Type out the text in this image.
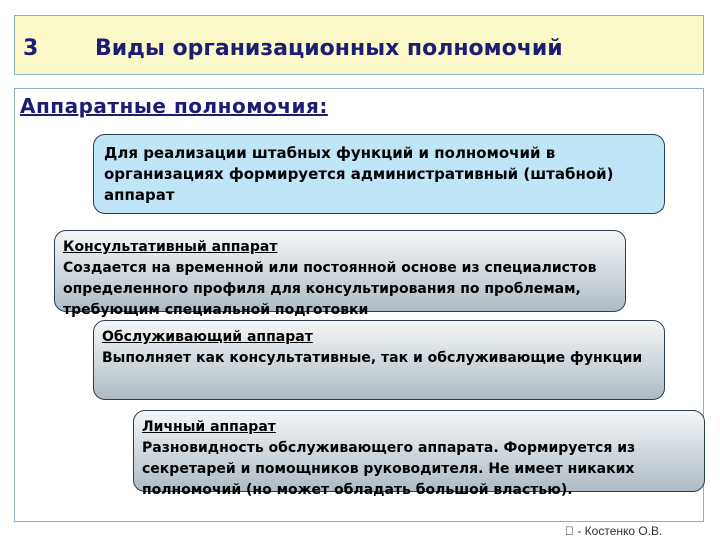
3	Виды организационных полномочий
Аппаратные полномочия:
Для реализации штабных функций и полномочий в организациях формируется административный (штабной) аппарат
Консультативный аппарат
Создается на временной или постоянной основе из специалистов определенного профиля для консультирования по проблемам, требующим специальной подготовки
Обслуживающий аппарат
Выполняет как консультативные, так и обслуживающие функции
Личный аппарат
Разновидность обслуживающего аппарата. Формируется из секретарей и помощников руководителя. Не имеет никаких полномочий (но может обладать большой властью).
- Костенко О.В.
